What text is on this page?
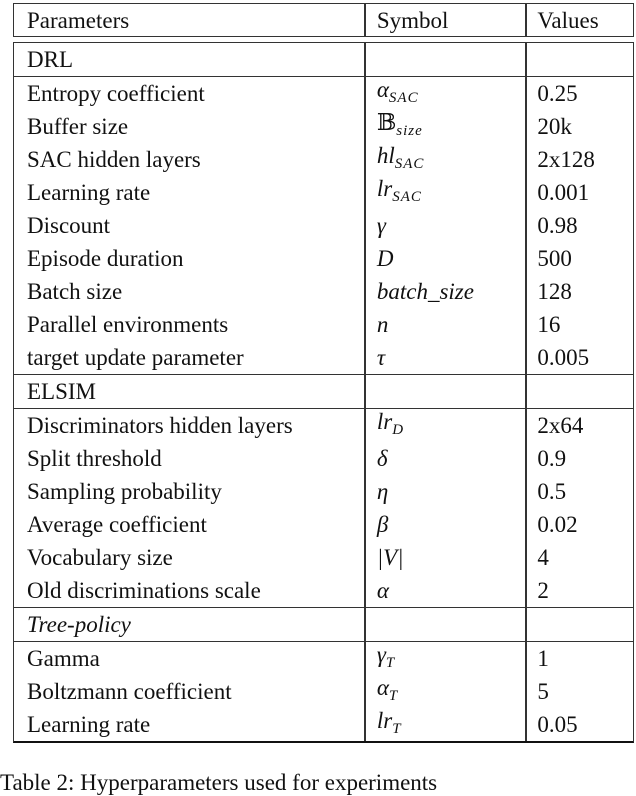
Parameters	Symbol	Values
DRL
Entropy coefficient	$\alpha_{SAC}$	0.25
Buffer size	𝔹$_{size}$	20k
SAC hidden layers	$hl_{SAC}$	2x128
Learning rate	$lr_{SAC}$	0.001
Discount	γ	0.98
Episode duration	D	500
Batch size	batch_size	128
Parallel environments	n	16
target update parameter	τ	0.005
ELSIM
Discriminators hidden layers	$lr_D$	2x64
Split threshold	δ	0.9
Sampling probability	η	0.5
Average coefficient	β	0.02
Vocabulary size	|V|	4
Old discriminations scale	α	2
Tree-policy
Gamma	$\gamma_T$	1
Boltzmann coefficient	$\alpha_T$	5
Learning rate	$lr_T$	0.05
Table 2: Hyperparameters used for experiments
